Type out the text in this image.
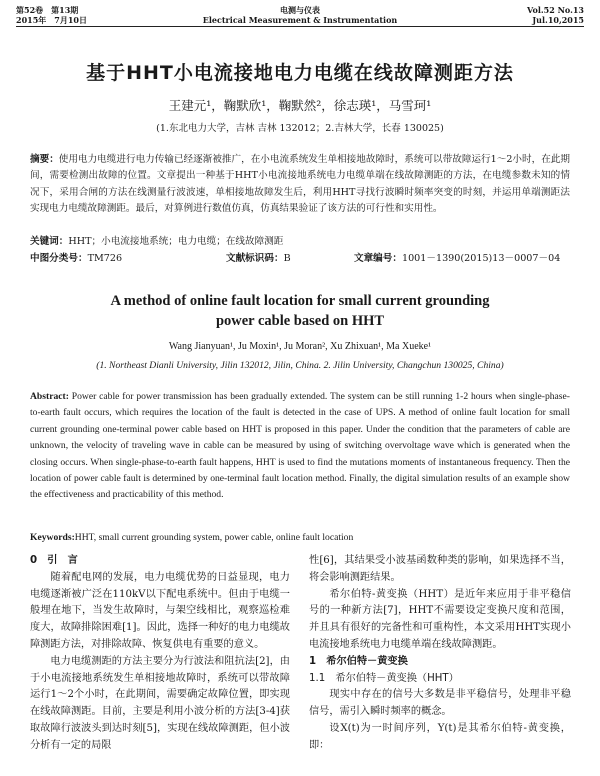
第52卷　第13期
2015年　7月10日
电测与仪表
Electrical Measurement & Instrumentation
Vol.52 No.13
Jul.10,2015
基于HHT小电流接地电力电缆在线故障测距方法
王建元¹，鞠默欣¹，鞠默然²，徐志瑛¹，马雪珂¹
(1.东北电力大学，吉林 吉林 132012；2.吉林大学，长春 130025)
摘要：使用电力电缆进行电力传输已经逐渐被推广，在小电流系统发生单相接地故障时，系统可以带故障运行1～2小时，在此期间，需要检测出故障的位置。文章提出一种基于HHT小电流接地系统电力电缆单端在线故障测距的方法，在电缆参数未知的情况下，采用合闸的方法在线测量行波波速，单相接地故障发生后，利用HHT寻找行波瞬时频率突变的时刻，并运用单端测距法实现电力电缆故障测距。最后，对算例进行数值仿真，仿真结果验证了该方法的可行性和实用性。
关键词：HHT；小电流接地系统；电力电缆；在线故障测距
中图分类号：TM726	文献标识码：B	文章编号：1001－1390(2015)13－0007－04
A method of online fault location for small current grounding
power cable based on HHT
Wang Jianyuan¹, Ju Moxin¹, Ju Moran², Xu Zhixuan¹, Ma Xueke¹
(1. Northeast Dianli University, Jilin 132012, Jilin, China. 2. Jilin University, Changchun 130025, China)
Abstract: Power cable for power transmission has been gradually extended. The system can be still running 1-2 hours when single-phase-to-earth fault occurs, which requires the location of the fault is detected in the case of UPS. A method of online fault location for small current grounding one-terminal power cable based on HHT is proposed in this paper. Under the condition that the parameters of cable are unknown, the velocity of traveling wave in cable can be measured by using of switching overvoltage wave which is generated when the closing occurs. When single-phase-to-earth fault happens, HHT is used to find the mutations moments of instantaneous frequency. Then the location of power cable fault is determined by one-terminal fault location method. Finally, the digital simulation results of an example show the effectiveness and practicability of this method.
Keywords:HHT, small current grounding system, power cable, online fault location

0　引　言

随着配电网的发展，电力电缆优势的日益显现，电力电缆逐渐被广泛在110kV以下配电系统中。但由于电缆一般埋在地下，当发生故障时，与架空线相比，观察巡检难度大，故障排除困难[1]。因此，选择一种好的电力电缆故障测距方法，对排除故障、恢复供电有重要的意义。

电力电缆测距的方法主要分为行波法和阻抗法[2]，由于小电流接地系统发生单相接地故障时，系统可以带故障运行1～2个小时，在此期间，需要确定故障位置，即实现在线故障测距。目前，主要是利用小波分析的方法[3-4]获取故障行波波头到达时刻[5]，实现在线故障测距，但小波分析有一定的局限

性[6]，其结果受小波基函数种类的影响，如果选择不当，将会影响测距结果。

希尔伯特-黄变换（HHT）是近年来应用于非平稳信号的一种新方法[7]，HHT不需要设定变换尺度和范围，并且具有很好的完备性和可重构性，本文采用HHT实现小电流接地系统电力电缆单端在线故障测距。

1　希尔伯特－黄变换

1.1　希尔伯特－黄变换（HHT）

现实中存在的信号大多数是非平稳信号，处理非平稳信号，需引入瞬时频率的概念。

设X(t)为一时间序列，Y(t)是其希尔伯特-黄变换，即：
